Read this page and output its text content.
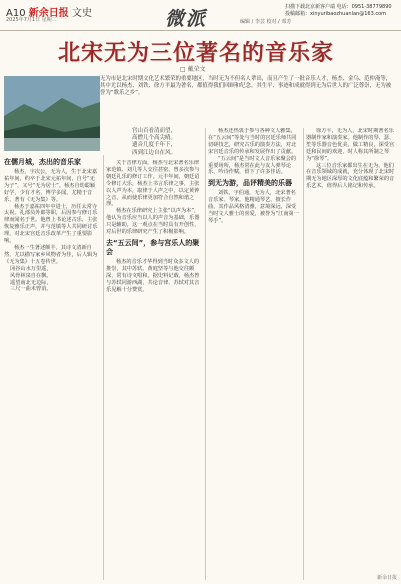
A10 新余日报 文史
2025年7月1日 星期二	微派	编辑 / 李芸 校对 / 邓芳
扫描下载北京新客户端 电话：0951-38779890 投稿邮箱：xinyuribaozhuanlan@163.com
北宋无为三位著名的音乐家
□ 戴荣文
无为市是北宋时期文化艺术繁荣的重要地区，当时无为不但名人辈出，而且产生了一批音乐人才，杨杰、金乌、范仲淹等，其中尤以杨杰、刘铁、徐方平最为著名，都值得我们回顾和纪念。其生平、事迹和成就得到无为后世人的广泛尊崇，无为被誉为“歌乐之乡”。

宫山百看清而望，

高僧几个高尖晴。

遗音几度千年下，

西到江边自在风。

在儒月城，杰出的音乐家

杨杰，字次公，无为人，生于北宋嘉祐年间，约卒于北宋元祐年间，自号“无为子”，又号“无为居士”。杨杰自幼聪颖好学，少有才名，博学多闻，尤精于音乐，著有《无为集》等。

杨杰于嘉祐四年中进士，历任太常寺太祝、礼部员外郎等职，后因参与修订乐律而闻名于世。他曾上书论述古乐，主张恢复雅乐正声，并与范镇等人共同研讨乐理，对北宋宫廷音乐改革产生了重要影响。

杨杰一生著述颇丰，其诗文清新自然，尤以描写家乡风物者为佳，后人辑为《无为集》十五卷传世。

冈谷山水万里遥，
风骨林泉自在飘。
遥望南北无边际，
三尺一曲未曾消。

关于音律方面，杨杰与北宋著名乐律家范镇、刘几等人交往甚密，曾多次参与朝廷礼乐的修订工作。元丰年间，朝廷诏令修订大乐，杨杰上书言乐律之事，主张以人声为本，取律于人声之中，以定黄钟之音，从而使乐律更加符合自然和谐之理。

杨杰在乐律研究上主张“以声为本”，他认为音乐应当以人的声音为基础，乐器只是辅助，这一观点在当时具有开创性，对后世的乐律研究产生了积极影响。

去“五云间”，参与宫乐人的聚会

杨杰的音乐才华得到当时众多文人的推崇，其中苏轼、黄庭坚等与他交往颇深，常有诗文唱和。据史料记载，杨杰曾与苏轼同游西湖，共论音律，苏轼对其音乐见解十分赞赏。

杨杰还热衷于参与各种文人雅集，在“五云间”等处与当时的宫廷乐师共同切磋技艺，研究古乐的演奏方法，对北宋宫廷音乐的传承和发展作出了贡献。

“五云间”是当时文人音乐家聚会的重要场所，杨杰常在此与友人弹琴论乐，吟诗作赋，留下了许多佳话。

到无为游，品评精美的乐器

刘铁，字伯通，无为人，北宋著名音乐家、琴家。他精通琴艺，擅长作曲，其作品风格清雅，意境深远，深受当时文人雅士的喜爱，被誉为“江南第一琴手”。

徐方平，无为人，北宋时期著名乐器制作家和演奏家。他制作的琴、瑟、笙等乐器音色优美，做工精良，深受宫廷和民间的欢迎，时人称其所制之琴为“徐琴”。

这三位音乐家都出生在无为，他们在音乐领域的成就，充分体现了北宋时期无为地区深厚的文化底蕴和繁荣的音乐艺术，值得后人铭记和传承。

新余日报
